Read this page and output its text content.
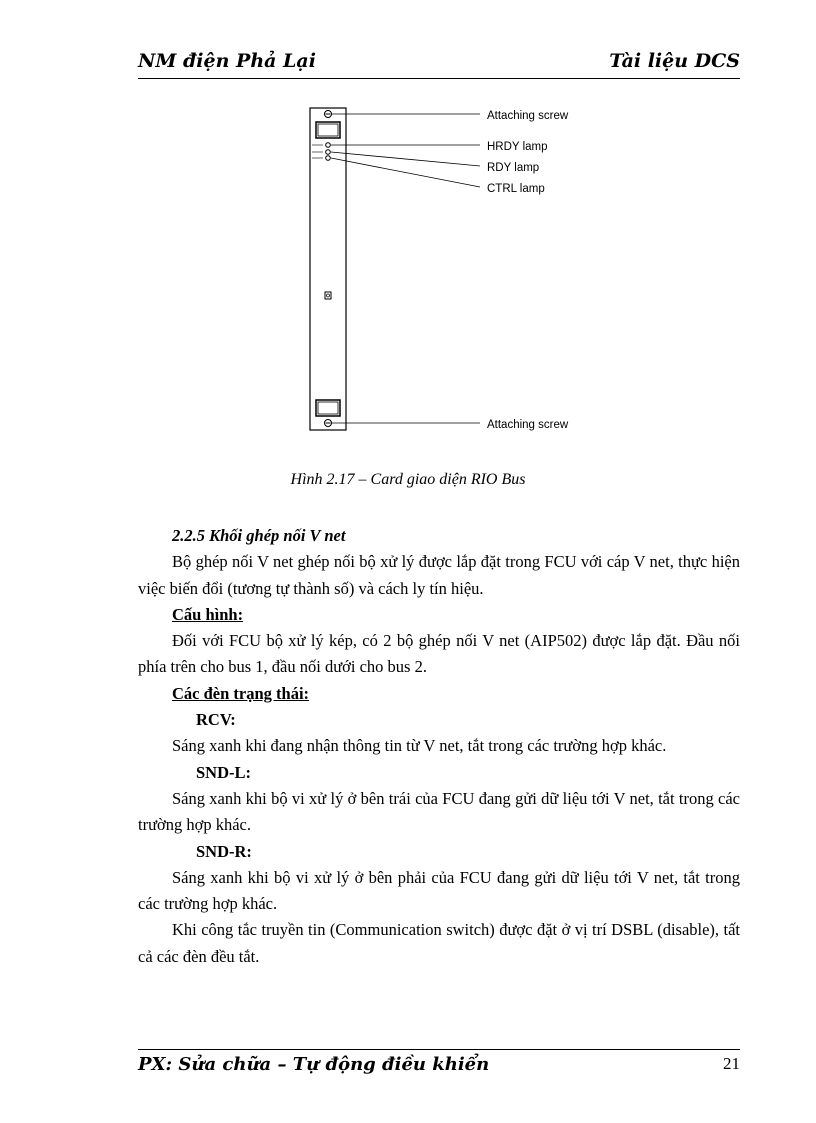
NM điện Phả Lại	Tài liệu DCS
Attaching screw
HRDY lamp
RDY lamp
CTRL lamp
Attaching screw
Hình 2.17 – Card giao diện RIO Bus

2.2.5 Khối ghép nối V net

Bộ ghép nối V net ghép nối bộ xử lý được lắp đặt trong FCU với cáp V net, thực hiện việc biến đổi (tương tự thành số) và cách ly tín hiệu.

Cấu hình:

Đối với FCU bộ xử lý kép, có 2 bộ ghép nối V net (AIP502) được lắp đặt. Đầu nối phía trên cho bus 1, đầu nối dưới cho bus 2.

Các đèn trạng thái:

RCV:

Sáng xanh khi đang nhận thông tin từ V net, tắt trong các trường hợp khác.

SND-L:

Sáng xanh khi bộ vi xử lý ở bên trái của FCU đang gửi dữ liệu tới V net, tắt trong các trường hợp khác.

SND-R:

Sáng xanh khi bộ vi xử lý ở bên phải của FCU đang gửi dữ liệu tới V net, tắt trong các trường hợp khác.

Khi công tắc truyền tin (Communication switch) được đặt ở vị trí DSBL (disable), tất cả các đèn đều tắt.

PX: Sửa chữa – Tự động điều khiển	21
